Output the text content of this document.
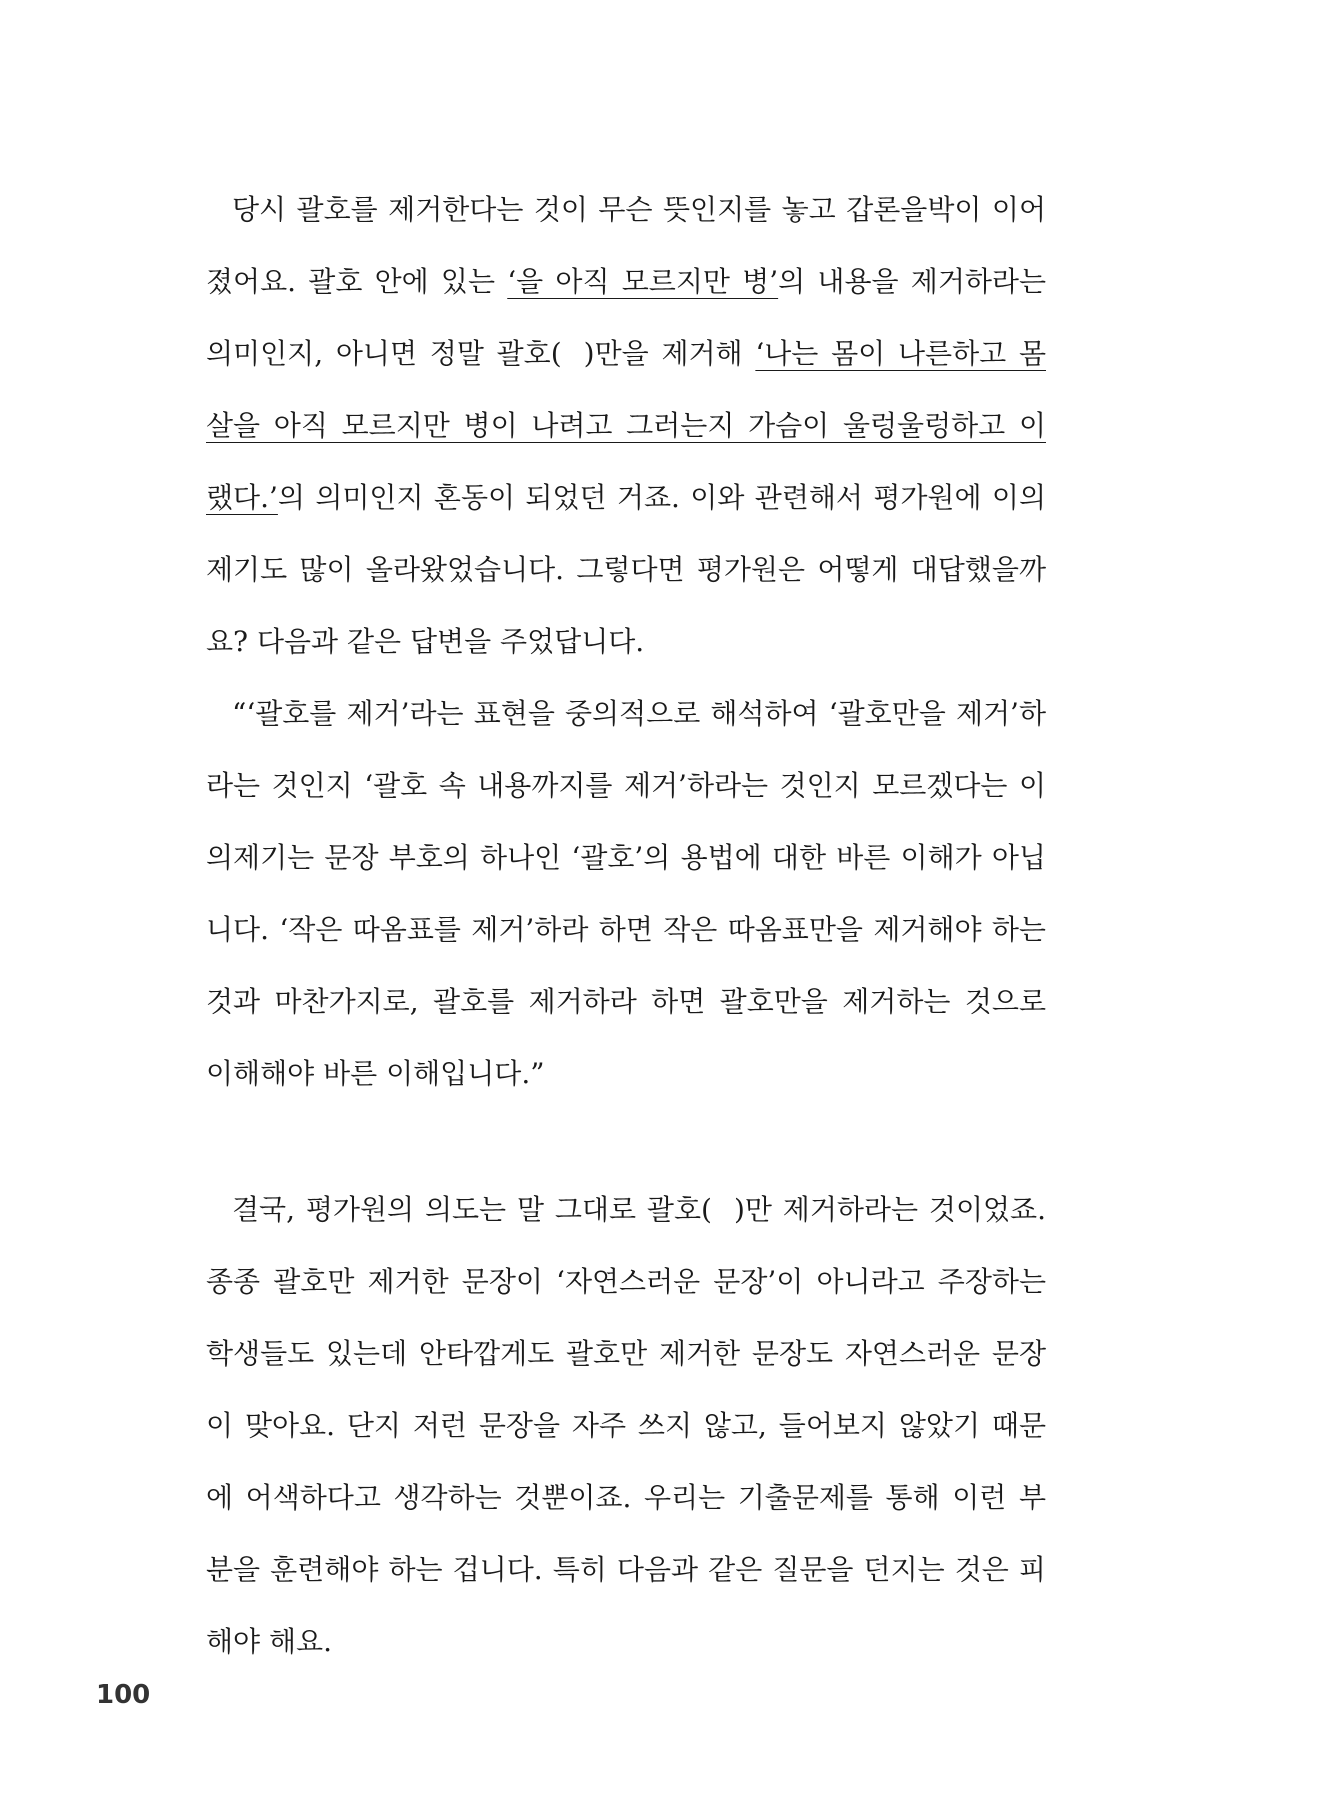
당시 괄호를 제거한다는 것이 무슨 뜻인지를 놓고 갑론을박이 이어
졌어요. 괄호 안에 있는 ‘을 아직 모르지만 병’의 내용을 제거하라는
의미인지, 아니면 정말 괄호( )만을 제거해 ‘나는 몸이 나른하고 몸
살을 아직 모르지만 병이 나려고 그러는지 가슴이 울렁울렁하고 이
랬다.’의 의미인지 혼동이 되었던 거죠. 이와 관련해서 평가원에 이의
제기도 많이 올라왔었습니다. 그렇다면 평가원은 어떻게 대답했을까
요? 다음과 같은 답변을 주었답니다.
“‘괄호를 제거’라는 표현을 중의적으로 해석하여 ‘괄호만을 제거’하
라는 것인지 ‘괄호 속 내용까지를 제거’하라는 것인지 모르겠다는 이
의제기는 문장 부호의 하나인 ‘괄호’의 용법에 대한 바른 이해가 아닙
니다. ‘작은 따옴표를 제거’하라 하면 작은 따옴표만을 제거해야 하는
것과 마찬가지로, 괄호를 제거하라 하면 괄호만을 제거하는 것으로
이해해야 바른 이해입니다.”
결국, 평가원의 의도는 말 그대로 괄호( )만 제거하라는 것이었죠.
종종 괄호만 제거한 문장이 ‘자연스러운 문장’이 아니라고 주장하는
학생들도 있는데 안타깝게도 괄호만 제거한 문장도 자연스러운 문장
이 맞아요. 단지 저런 문장을 자주 쓰지 않고, 들어보지 않았기 때문
에 어색하다고 생각하는 것뿐이죠. 우리는 기출문제를 통해 이런 부
분을 훈련해야 하는 겁니다. 특히 다음과 같은 질문을 던지는 것은 피
해야 해요.
100
